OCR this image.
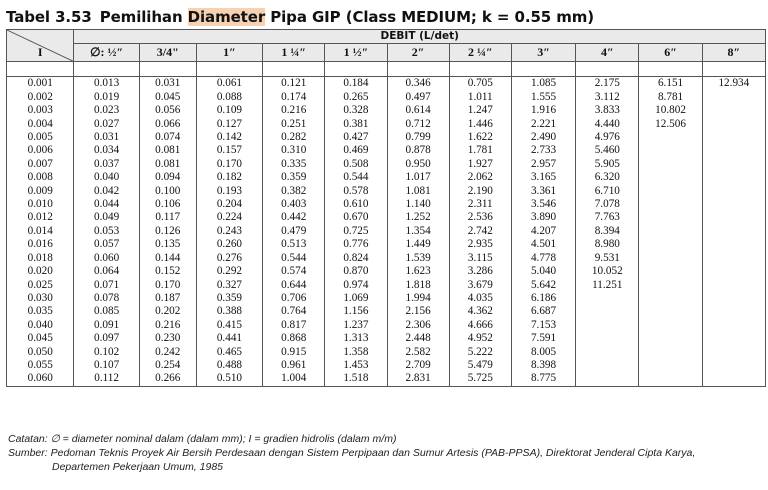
Tabel 3.53 Pemilihan Diameter Pipa GIP (Class MEDIUM; k = 0.55 mm)
I	DEBIT (L/det)										
	∅: ½″	3/4"	1″	1 ¼″	1 ½″	2″	2 ¼″	3″	4″	6″	8″

0.001	0.013	0.031	0.061	0.121	0.184	0.346	0.705	1.085	2.175	6.151	12.934
0.002	0.019	0.045	0.088	0.174	0.265	0.497	1.011	1.555	3.112	8.781	
0.003	0.023	0.056	0.109	0.216	0.328	0.614	1.247	1.916	3.833	10.802	
0.004	0.027	0.066	0.127	0.251	0.381	0.712	1.446	2.221	4.440	12.506	
0.005	0.031	0.074	0.142	0.282	0.427	0.799	1.622	2.490	4.976		
0.006	0.034	0.081	0.157	0.310	0.469	0.878	1.781	2.733	5.460		
0.007	0.037	0.081	0.170	0.335	0.508	0.950	1.927	2.957	5.905		
0.008	0.040	0.094	0.182	0.359	0.544	1.017	2.062	3.165	6.320		
0.009	0.042	0.100	0.193	0.382	0.578	1.081	2.190	3.361	6.710		
0.010	0.044	0.106	0.204	0.403	0.610	1.140	2.311	3.546	7.078		
0.012	0.049	0.117	0.224	0.442	0.670	1.252	2.536	3.890	7.763		
0.014	0.053	0.126	0.243	0.479	0.725	1.354	2.742	4.207	8.394		
0.016	0.057	0.135	0.260	0.513	0.776	1.449	2.935	4.501	8.980		
0.018	0.060	0.144	0.276	0.544	0.824	1.539	3.115	4.778	9.531		
0.020	0.064	0.152	0.292	0.574	0.870	1.623	3.286	5.040	10.052		
0.025	0.071	0.170	0.327	0.644	0.974	1.818	3.679	5.642	11.251		
0.030	0.078	0.187	0.359	0.706	1.069	1.994	4.035	6.186			
0.035	0.085	0.202	0.388	0.764	1.156	2.156	4.362	6.687			
0.040	0.091	0.216	0.415	0.817	1.237	2.306	4.666	7.153			
0.045	0.097	0.230	0.441	0.868	1.313	2.448	4.952	7.591			
0.050	0.102	0.242	0.465	0.915	1.358	2.582	5.222	8.005			
0.055	0.107	0.254	0.488	0.961	1.453	2.709	5.479	8.398			
0.060	0.112	0.266	0.510	1.004	1.518	2.831	5.725	8.775			
Catatan: ∅ = diameter nominal dalam (dalam mm); I = gradien hidrolis (dalam m/m)
Sumber: Pedoman Teknis Proyek Air Bersih Perdesaan dengan Sistem Perpipaan dan Sumur Artesis (PAB-PPSA), Direktorat Jenderal Cipta Karya,
Departemen Pekerjaan Umum, 1985
